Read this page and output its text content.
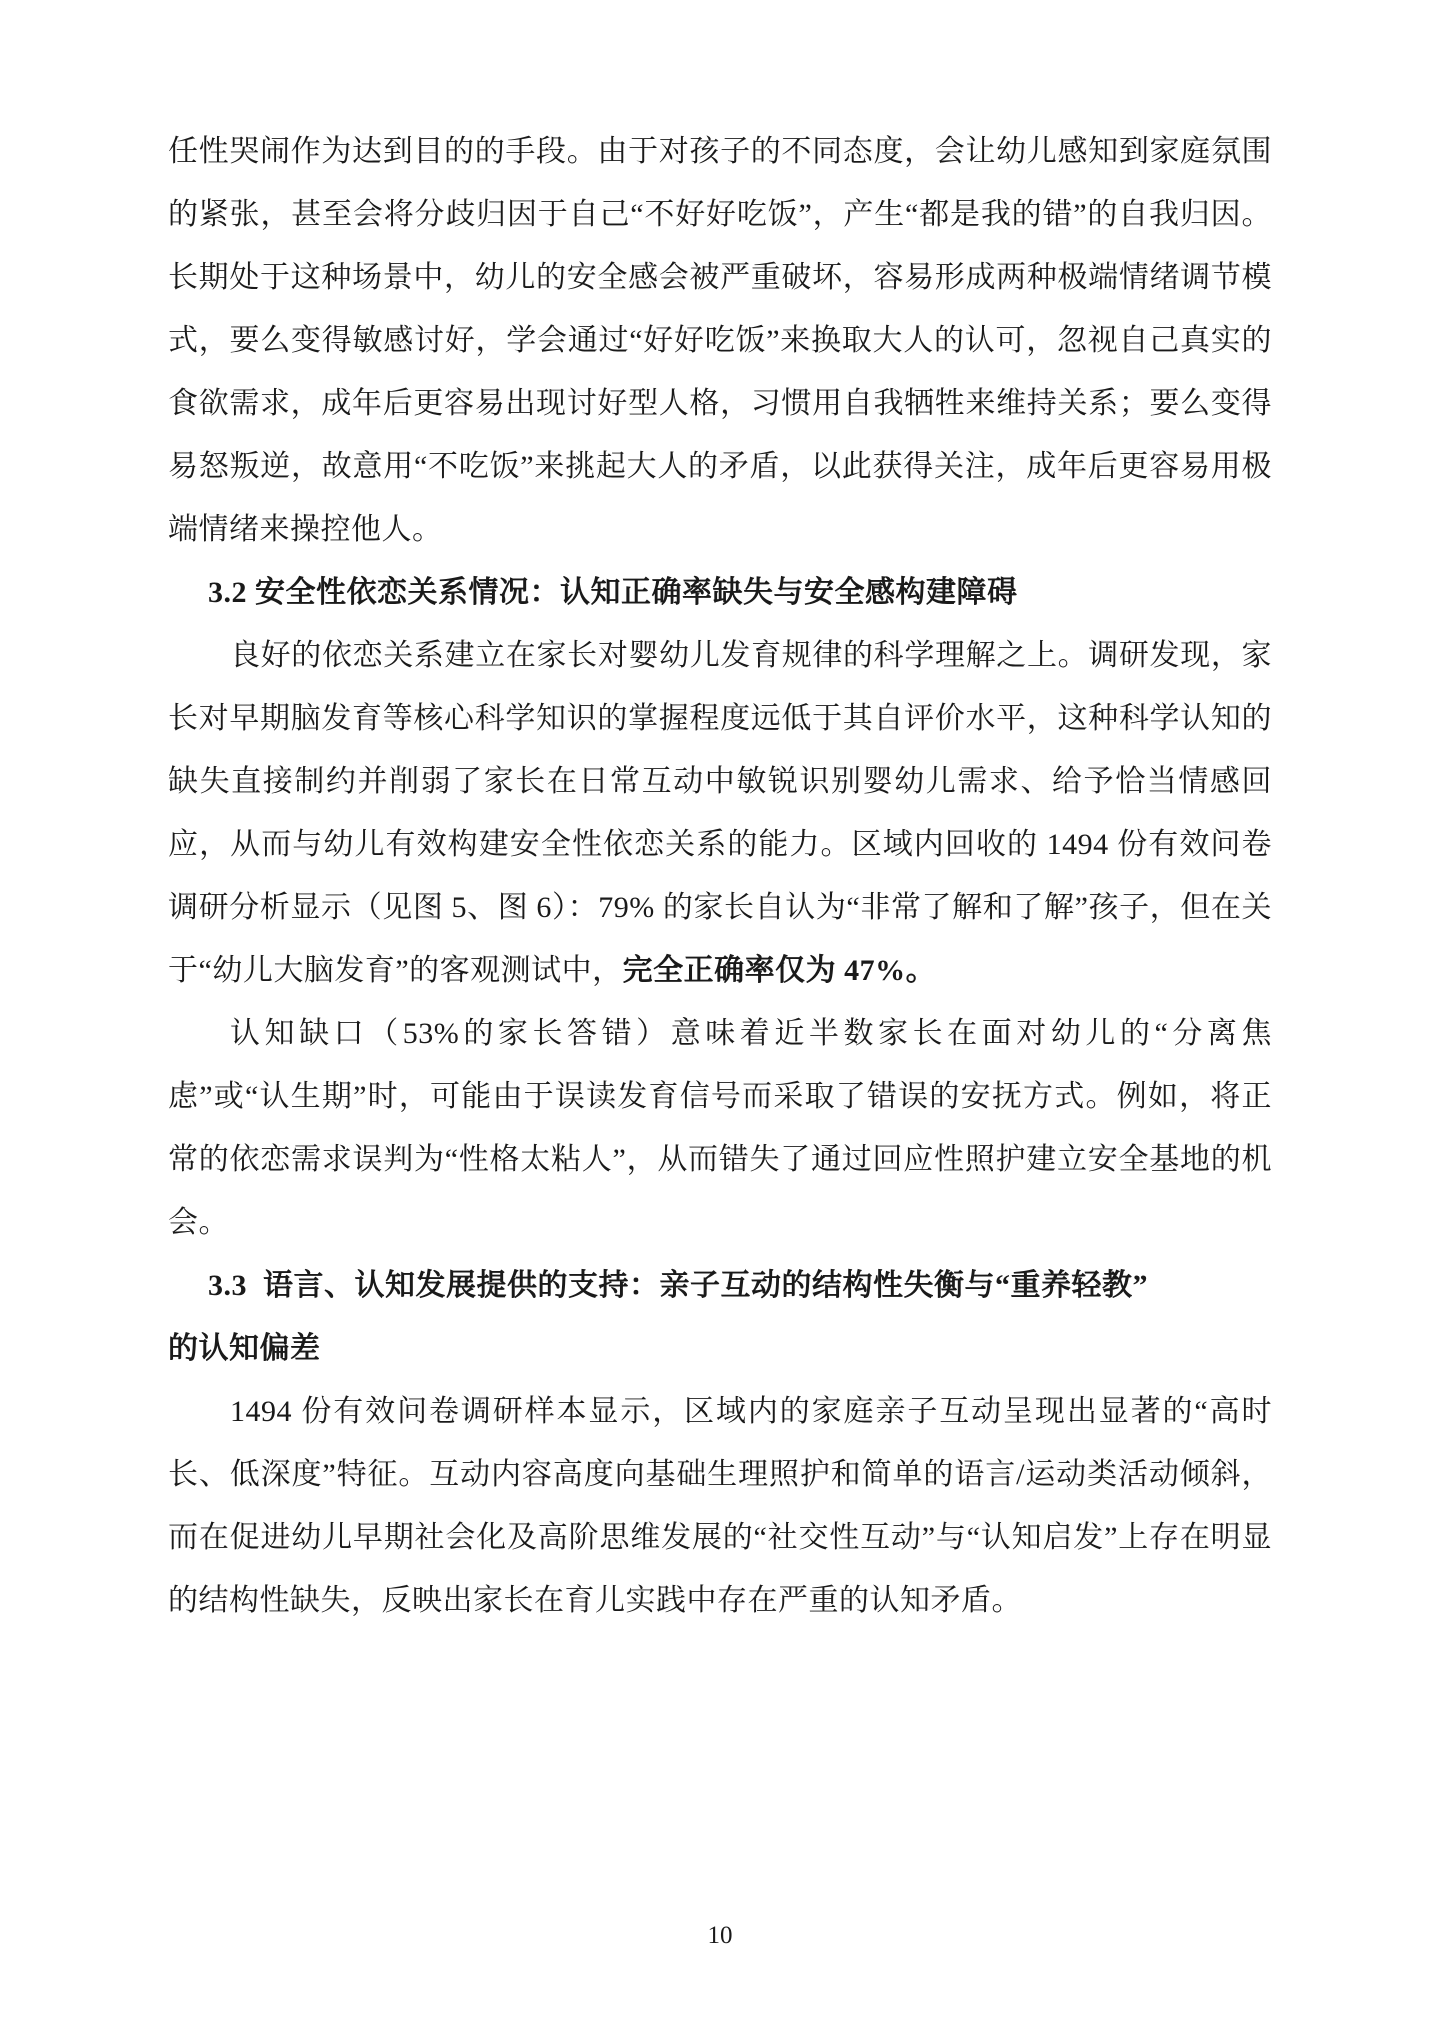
任性哭闹作为达到目的的手段。由于对孩子的不同态度，会让幼儿感知到家庭氛围的紧张，甚至会将分歧归因于自己“不好好吃饭”，产生“都是我的错”的自我归因。长期处于这种场景中，幼儿的安全感会被严重破坏，容易形成两种极端情绪调节模式，要么变得敏感讨好，学会通过“好好吃饭”来换取大人的认可，忽视自己真实的食欲需求，成年后更容易出现讨好型人格，习惯用自我牺牲来维持关系；要么变得易怒叛逆，故意用“不吃饭”来挑起大人的矛盾，以此获得关注，成年后更容易用极端情绪来操控他人。

3.2 安全性依恋关系情况：认知正确率缺失与安全感构建障碍

良好的依恋关系建立在家长对婴幼儿发育规律的科学理解之上。调研发现，家长对早期脑发育等核心科学知识的掌握程度远低于其自评价水平，这种科学认知的缺失直接制约并削弱了家长在日常互动中敏锐识别婴幼儿需求、给予恰当情感回应，从而与幼儿有效构建安全性依恋关系的能力。区域内回收的 1494 份有效问卷调研分析显示（见图 5、图 6）：79% 的家长自认为“非常了解和了解”孩子，但在关于“幼儿大脑发育”的客观测试中，完全正确率仅为 47%。

认知缺口（53%的家长答错）意味着近半数家长在面对幼儿的“分离焦虑”或“认生期”时，可能由于误读发育信号而采取了错误的安抚方式。例如，将正常的依恋需求误判为“性格太粘人”，从而错失了通过回应性照护建立安全基地的机会。

3.3 语言、认知发展提供的支持：亲子互动的结构性失衡与“重养轻教”

的认知偏差

1494 份有效问卷调研样本显示，区域内的家庭亲子互动呈现出显著的“高时长、低深度”特征。互动内容高度向基础生理照护和简单的语言/运动类活动倾斜，而在促进幼儿早期社会化及高阶思维发展的“社交性互动”与“认知启发”上存在明显的结构性缺失，反映出家长在育儿实践中存在严重的认知矛盾。

10
